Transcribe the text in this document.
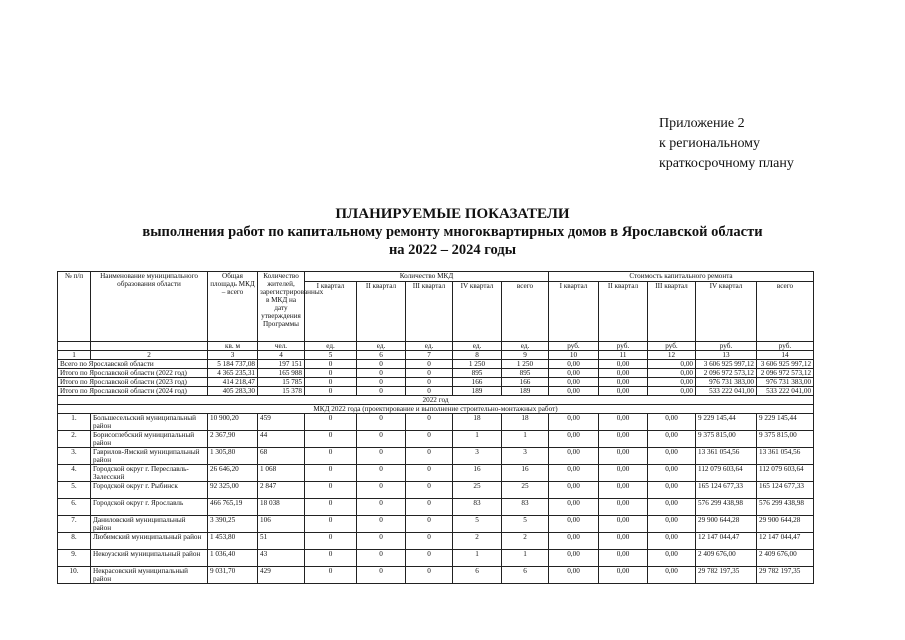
Приложение 2
к региональному
краткосрочному плану
ПЛАНИРУЕМЫЕ ПОКАЗАТЕЛИ
выполнения работ по капитальному ремонту многоквартирных домов в Ярославской области
на 2022 – 2024 годы
№ п/п	Наименование муниципального образования области	Общая площадь МКД – всего	Количество жителей, зарегистрированных в МКД на дату утверждения Программы	Количество МКД					Стоимость капитального ремонта				
				I квартал	II квартал	III квартал	IV квартал	всего	I квартал	II квартал	III квартал	IV квартал	всего
		кв. м	чел.	ед.	ед.	ед.	ед.	ед.	руб.	руб.	руб.	руб.	руб.
1	2	3	4	5	6	7	8	9	10	11	12	13	14
Всего по Ярославской области		5 184 737,08	197 151	0	0	0	1 250	1 250	0,00	0,00	0,00	3 606 925 997,12	3 606 925 997,12
Итого по Ярославской области (2022 год)		4 365 235,31	165 988	0	0	0	895	895	0,00	0,00	0,00	2 096 972 573,12	2 096 972 573,12
Итого по Ярославской области (2023 год)		414 218,47	15 785	0	0	0	166	166	0,00	0,00	0,00	976 731 383,00	976 731 383,00
Итого по Ярославской области (2024 год)		405 283,30	15 378	0	0	0	189	189	0,00	0,00	0,00	533 222 041,00	533 222 041,00
2022 год													
МКД 2022 года (проектирование и выполнение строительно-монтажных работ)													
1.	Большесельский муниципальный район	10 900,20	459	0	0	0	18	18	0,00	0,00	0,00	9 229 145,44	9 229 145,44
2.	Борисоглебский муниципальный район	2 367,90	44	0	0	0	1	1	0,00	0,00	0,00	9 375 815,00	9 375 815,00
3.	Гаврилов-Ямский муниципальный район	1 305,80	68	0	0	0	3	3	0,00	0,00	0,00	13 361 054,56	13 361 054,56
4.	Городской округ г. Переславль-Залесский	26 646,20	1 068	0	0	0	16	16	0,00	0,00	0,00	112 079 603,64	112 079 603,64
5.	Городской округ г. Рыбинск	92 325,00	2 847	0	0	0	25	25	0,00	0,00	0,00	165 124 677,33	165 124 677,33
6.	Городской округ г. Ярославль	466 765,19	18 038	0	0	0	83	83	0,00	0,00	0,00	576 299 438,98	576 299 438,98
7.	Даниловский муниципальный район	3 390,25	106	0	0	0	5	5	0,00	0,00	0,00	29 900 644,28	29 900 644,28
8.	Любимский муниципальный район	1 453,80	51	0	0	0	2	2	0,00	0,00	0,00	12 147 044,47	12 147 044,47
9.	Некоузский муниципальный район	1 036,40	43	0	0	0	1	1	0,00	0,00	0,00	2 409 676,00	2 409 676,00
10.	Некрасовский муниципальный район	9 031,70	429	0	0	0	6	6	0,00	0,00	0,00	29 782 197,35	29 782 197,35
